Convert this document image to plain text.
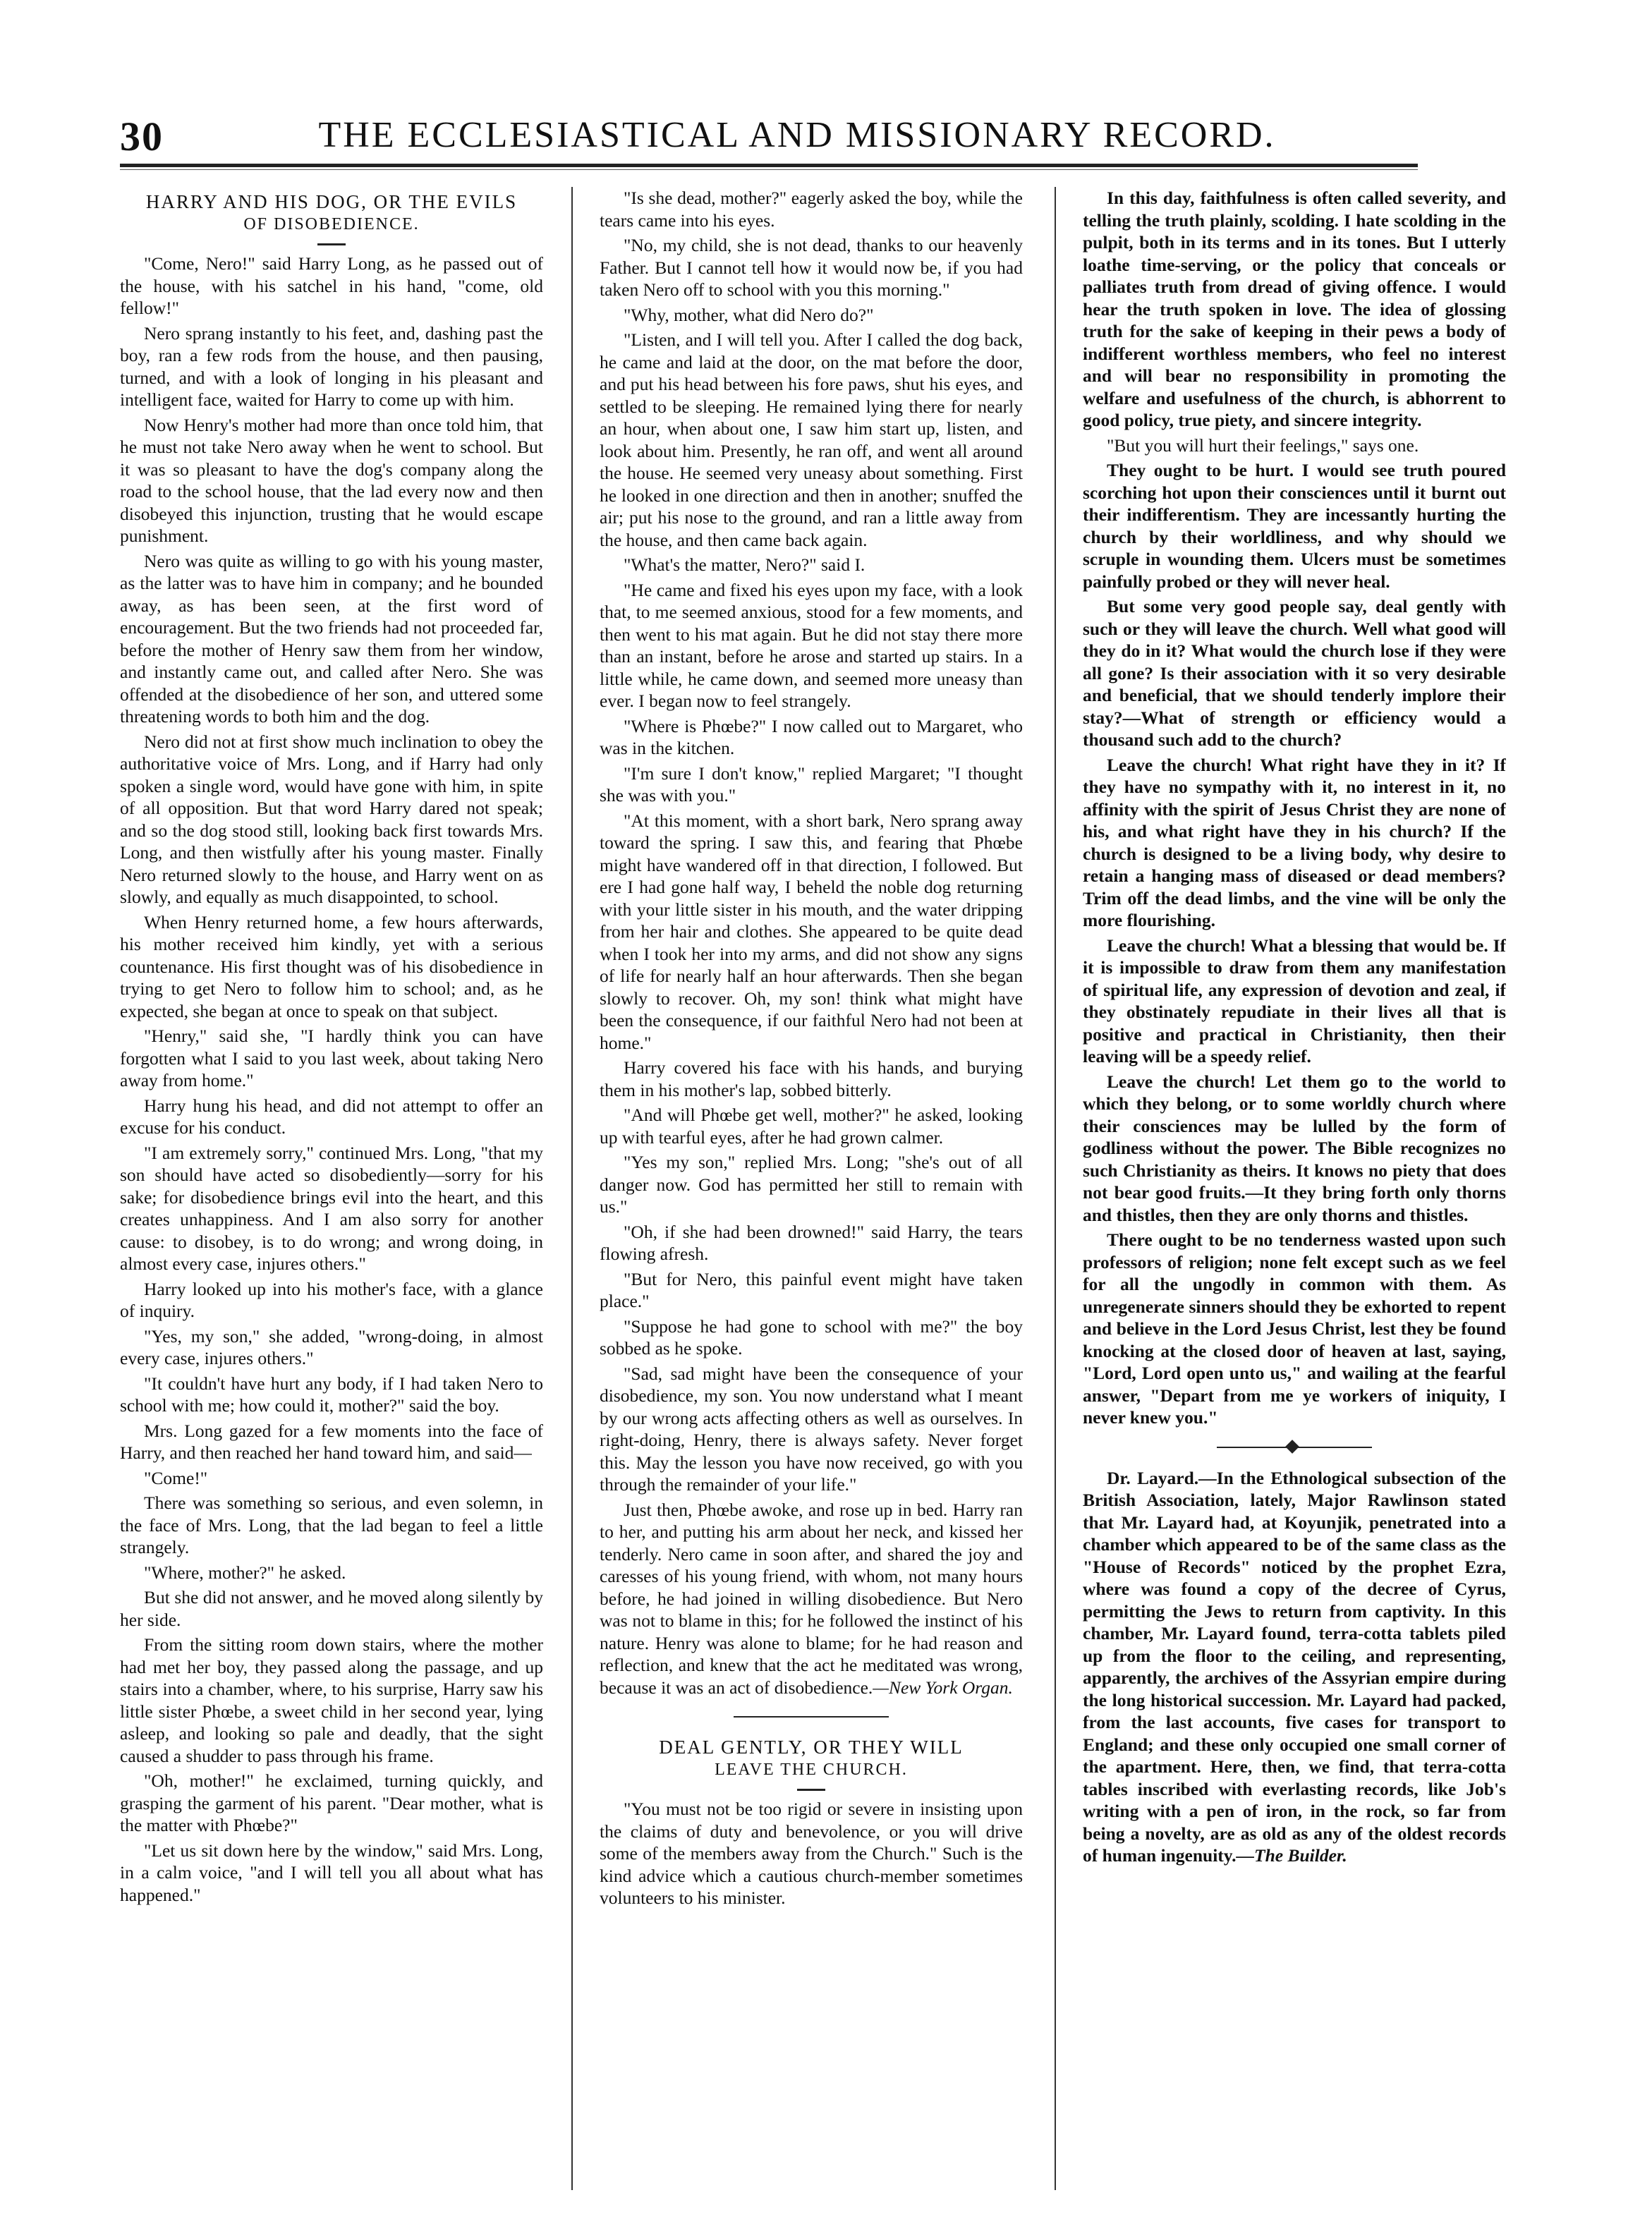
30	THE ECCLESIASTICAL AND MISSIONARY RECORD.
HARRY AND HIS DOG, OR THE EVILS
OF DISOBEDIENCE.

"Come, Nero!" said Harry Long, as he passed out of the house, with his satchel in his hand, "come, old fellow!"

Nero sprang instantly to his feet, and, dashing past the boy, ran a few rods from the house, and then pausing, turned, and with a look of longing in his pleasant and intelligent face, waited for Harry to come up with him.

Now Henry's mother had more than once told him, that he must not take Nero away when he went to school. But it was so pleasant to have the dog's company along the road to the school house, that the lad every now and then disobeyed this injunction, trusting that he would escape punishment.

Nero was quite as willing to go with his young master, as the latter was to have him in company; and he bounded away, as has been seen, at the first word of encouragement. But the two friends had not proceeded far, before the mother of Henry saw them from her window, and instantly came out, and called after Nero. She was offended at the disobedience of her son, and uttered some threatening words to both him and the dog.

Nero did not at first show much inclination to obey the authoritative voice of Mrs. Long, and if Harry had only spoken a single word, would have gone with him, in spite of all opposition. But that word Harry dared not speak; and so the dog stood still, looking back first towards Mrs. Long, and then wistfully after his young master. Finally Nero returned slowly to the house, and Harry went on as slowly, and equally as much disappointed, to school.

When Henry returned home, a few hours afterwards, his mother received him kindly, yet with a serious countenance. His first thought was of his disobedience in trying to get Nero to follow him to school; and, as he expected, she began at once to speak on that subject.

"Henry," said she, "I hardly think you can have forgotten what I said to you last week, about taking Nero away from home."

Harry hung his head, and did not attempt to offer an excuse for his conduct.

"I am extremely sorry," continued Mrs. Long, "that my son should have acted so disobediently—sorry for his sake; for disobedience brings evil into the heart, and this creates unhappiness. And I am also sorry for another cause: to disobey, is to do wrong; and wrong doing, in almost every case, injures others."

Harry looked up into his mother's face, with a glance of inquiry.

"Yes, my son," she added, "wrong-doing, in almost every case, injures others."

"It couldn't have hurt any body, if I had taken Nero to school with me; how could it, mother?" said the boy.

Mrs. Long gazed for a few moments into the face of Harry, and then reached her hand toward him, and said—

"Come!"

There was something so serious, and even solemn, in the face of Mrs. Long, that the lad began to feel a little strangely.

"Where, mother?" he asked.

But she did not answer, and he moved along silently by her side.

From the sitting room down stairs, where the mother had met her boy, they passed along the passage, and up stairs into a chamber, where, to his surprise, Harry saw his little sister Phœbe, a sweet child in her second year, lying asleep, and looking so pale and deadly, that the sight caused a shudder to pass through his frame.

"Oh, mother!" he exclaimed, turning quickly, and grasping the garment of his parent. "Dear mother, what is the matter with Phœbe?"

"Let us sit down here by the window," said Mrs. Long, in a calm voice, "and I will tell you all about what has happened."

"Is she dead, mother?" eagerly asked the boy, while the tears came into his eyes.

"No, my child, she is not dead, thanks to our heavenly Father. But I cannot tell how it would now be, if you had taken Nero off to school with you this morning."

"Why, mother, what did Nero do?"

"Listen, and I will tell you. After I called the dog back, he came and laid at the door, on the mat before the door, and put his head between his fore paws, shut his eyes, and settled to be sleeping. He remained lying there for nearly an hour, when about one, I saw him start up, listen, and look about him. Presently, he ran off, and went all around the house. He seemed very uneasy about something. First he looked in one direction and then in another; snuffed the air; put his nose to the ground, and ran a little away from the house, and then came back again.

"What's the matter, Nero?" said I.

"He came and fixed his eyes upon my face, with a look that, to me seemed anxious, stood for a few moments, and then went to his mat again. But he did not stay there more than an instant, before he arose and started up stairs. In a little while, he came down, and seemed more uneasy than ever. I began now to feel strangely.

"Where is Phœbe?" I now called out to Margaret, who was in the kitchen.

"I'm sure I don't know," replied Margaret; "I thought she was with you."

"At this moment, with a short bark, Nero sprang away toward the spring. I saw this, and fearing that Phœbe might have wandered off in that direction, I followed. But ere I had gone half way, I beheld the noble dog returning with your little sister in his mouth, and the water dripping from her hair and clothes. She appeared to be quite dead when I took her into my arms, and did not show any signs of life for nearly half an hour afterwards. Then she began slowly to recover. Oh, my son! think what might have been the consequence, if our faithful Nero had not been at home."

Harry covered his face with his hands, and burying them in his mother's lap, sobbed bitterly.

"And will Phœbe get well, mother?" he asked, looking up with tearful eyes, after he had grown calmer.

"Yes my son," replied Mrs. Long; "she's out of all danger now. God has permitted her still to remain with us."

"Oh, if she had been drowned!" said Harry, the tears flowing afresh.

"But for Nero, this painful event might have taken place."

"Suppose he had gone to school with me?" the boy sobbed as he spoke.

"Sad, sad might have been the consequence of your disobedience, my son. You now understand what I meant by our wrong acts affecting others as well as ourselves. In right-doing, Henry, there is always safety. Never forget this. May the lesson you have now received, go with you through the remainder of your life."

Just then, Phœbe awoke, and rose up in bed. Harry ran to her, and putting his arm about her neck, and kissed her tenderly. Nero came in soon after, and shared the joy and caresses of his young friend, with whom, not many hours before, he had joined in willing disobedience. But Nero was not to blame in this; for he followed the instinct of his nature. Henry was alone to blame; for he had reason and reflection, and knew that the act he meditated was wrong, because it was an act of disobedience.—New York Organ.

DEAL GENTLY, OR THEY WILL
LEAVE THE CHURCH.

"You must not be too rigid or severe in insisting upon the claims of duty and benevolence, or you will drive some of the members away from the Church." Such is the kind advice which a cautious church-member sometimes volunteers to his minister.

In this day, faithfulness is often called severity, and telling the truth plainly, scolding. I hate scolding in the pulpit, both in its terms and in its tones. But I utterly loathe time-serving, or the policy that conceals or palliates truth from dread of giving offence. I would hear the truth spoken in love. The idea of glossing truth for the sake of keeping in their pews a body of indifferent worthless members, who feel no interest and will bear no responsibility in promoting the welfare and usefulness of the church, is abhorrent to good policy, true piety, and sincere integrity.

"But you will hurt their feelings," says one.

They ought to be hurt. I would see truth poured scorching hot upon their consciences until it burnt out their indifferentism. They are incessantly hurting the church by their worldliness, and why should we scruple in wounding them. Ulcers must be sometimes painfully probed or they will never heal.

But some very good people say, deal gently with such or they will leave the church. Well what good will they do in it? What would the church lose if they were all gone? Is their association with it so very desirable and beneficial, that we should tenderly implore their stay?—What of strength or efficiency would a thousand such add to the church?

Leave the church! What right have they in it? If they have no sympathy with it, no interest in it, no affinity with the spirit of Jesus Christ they are none of his, and what right have they in his church? If the church is designed to be a living body, why desire to retain a hanging mass of diseased or dead members? Trim off the dead limbs, and the vine will be only the more flourishing.

Leave the church! What a blessing that would be. If it is impossible to draw from them any manifestation of spiritual life, any expression of devotion and zeal, if they obstinately repudiate in their lives all that is positive and practical in Christianity, then their leaving will be a speedy relief.

Leave the church! Let them go to the world to which they belong, or to some worldly church where their consciences may be lulled by the form of godliness without the power. The Bible recognizes no such Christianity as theirs. It knows no piety that does not bear good fruits.—It they bring forth only thorns and thistles, then they are only thorns and thistles.

There ought to be no tenderness wasted upon such professors of religion; none felt except such as we feel for all the ungodly in common with them. As unregenerate sinners should they be exhorted to repent and believe in the Lord Jesus Christ, lest they be found knocking at the closed door of heaven at last, saying, "Lord, Lord open unto us," and wailing at the fearful answer, "Depart from me ye workers of iniquity, I never knew you."

Dr. Layard.—In the Ethnological subsection of the British Association, lately, Major Rawlinson stated that Mr. Layard had, at Koyunjik, penetrated into a chamber which appeared to be of the same class as the "House of Records" noticed by the prophet Ezra, where was found a copy of the decree of Cyrus, permitting the Jews to return from captivity. In this chamber, Mr. Layard found, terra-cotta tablets piled up from the floor to the ceiling, and representing, apparently, the archives of the Assyrian empire during the long historical succession. Mr. Layard had packed, from the last accounts, five cases for transport to England; and these only occupied one small corner of the apartment. Here, then, we find, that terra-cotta tables inscribed with everlasting records, like Job's writing with a pen of iron, in the rock, so far from being a novelty, are as old as any of the oldest records of human ingenuity.—The Builder.
